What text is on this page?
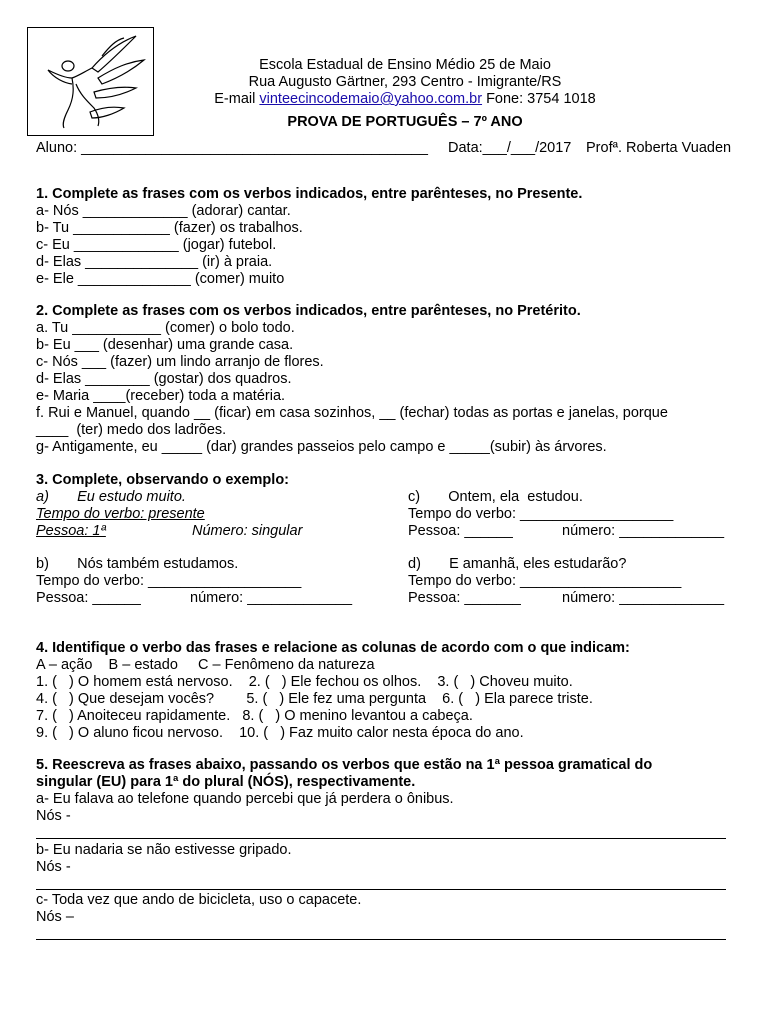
Escola Estadual de Ensino Médio 25 de Maio
Rua Augusto Gärtner, 293 Centro - Imigrante/RS
E-mail vinteecincodemaio@yahoo.com.br Fone: 3754 1018
PROVA DE PORTUGUÊS – 7º ANO
Aluno: ___________________________________________ Data:___/___/2017 Profª. Roberta Vuaden
1. Complete as frases com os verbos indicados, entre parênteses, no Presente.
a- Nós _____________ (adorar) cantar.
b- Tu ____________ (fazer) os trabalhos.
c- Eu _____________ (jogar) futebol.
d- Elas ______________ (ir) à praia.
e- Ele ______________ (comer) muito
2. Complete as frases com os verbos indicados, entre parênteses, no Pretérito.
a. Tu ___________ (comer) o bolo todo.
b- Eu ___ (desenhar) uma grande casa.
c- Nós ___ (fazer) um lindo arranjo de flores.
d- Elas ________ (gostar) dos quadros.
e- Maria ____(receber) toda a matéria.
f. Rui e Manuel, quando __ (ficar) em casa sozinhos, __ (fechar) todas as portas e janelas, porque
____  (ter) medo dos ladrões.
g- Antigamente, eu _____ (dar) grandes passeios pelo campo e _____(subir) às árvores.
3. Complete, observando o exemplo:
a)       Eu estudo muito.
Tempo do verbo: presente
Pessoa: 1ª	Número: singular
c)       Ontem, ela  estudou.
Tempo do verbo: ___________________
Pessoa: ______	número: _____________
b)       Nós também estudamos.
Tempo do verbo: ___________________
Pessoa: ______	número: _____________
d)       E amanhã, eles estudarão?
Tempo do verbo: ____________________
Pessoa: _______	número: _____________
4. Identifique o verbo das frases e relacione as colunas de acordo com o que indicam:
A – ação    B – estado     C – Fenômeno da natureza
1. (   ) O homem está nervoso.    2. (   ) Ele fechou os olhos.    3. (   ) Choveu muito.
4. (   ) Que desejam vocês?        5. (   ) Ele fez uma pergunta    6. (   ) Ela parece triste.
7. (   ) Anoiteceu rapidamente.   8. (   ) O menino levantou a cabeça.
9. (   ) O aluno ficou nervoso.    10. (   ) Faz muito calor nesta época do ano.
5. Reescreva as frases abaixo, passando os verbos que estão na 1ª pessoa gramatical do
singular (EU) para 1ª do plural (NÓS), respectivamente.
a- Eu falava ao telefone quando percebi que já perdera o ônibus.
Nós -
b- Eu nadaria se não estivesse gripado.
Nós -
c- Toda vez que ando de bicicleta, uso o capacete.
Nós –
